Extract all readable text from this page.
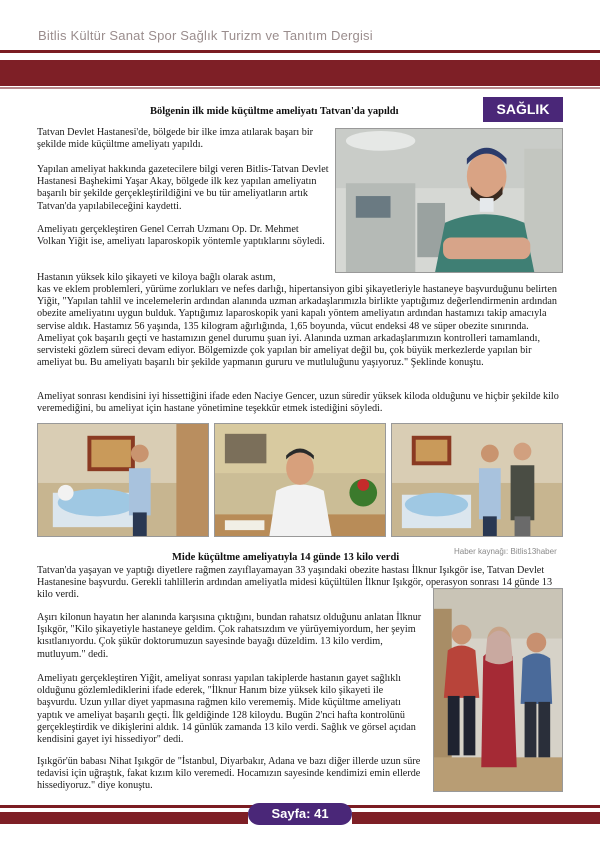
Bitlis Kültür Sanat Spor Sağlık Turizm ve Tanıtım Dergisi
SAĞLIK
Bölgenin ilk mide küçültme ameliyatı Tatvan'da yapıldı
Tatvan Devlet Hastanesi'de, bölgede bir ilke imza atılarak başarı bir şekilde mide küçültme ameliyatı yapıldı.
Yapılan ameliyat hakkında gazetecilere bilgi veren Bitlis-Tatvan Devlet Hastanesi Başhekimi Yaşar Akay, bölgede ilk kez yapılan ameliyatın başarılı bir şekilde gerçekleştirildiğini ve bu tür ameliyatların artık Tatvan'da yapılabileceğini kaydetti.
Ameliyatı gerçekleştiren Genel Cerrah Uzmanı Op. Dr. Mehmet Volkan Yiğit ise, ameliyatı laparoskopik yöntemle yaptıklarını söyledi.
Hastanın yüksek kilo şikayeti ve kiloya bağlı olarak astım,
kas ve eklem problemleri, yürüme zorlukları ve nefes darlığı, hipertansiyon gibi şikayetleriyle hastaneye başvurduğunu belirten Yiğit, "Yapılan tahlil ve incelemelerin ardından alanında uzman arkadaşlarımızla birlikte yaptığımız değerlendirmenin ardından obezite ameliyatını uygun bulduk. Yaptığımız laparoskopik yani kapalı yöntem ameliyatın ardından hastamızı takip amacıyla servise aldık. Hastamız 56 yaşında, 135 kilogram ağırlığında, 1,65 boyunda, vücut endeksi 48 ve süper obezite sınırında. Ameliyat çok başarılı geçti ve hastamızın genel durumu şuan iyi. Alanında uzman arkadaşlarımızın kontrolleri tamamlandı, servisteki gözlem süreci devam ediyor. Bölgemizde çok yapılan bir ameliyat değil bu, çok büyük merkezlerde yapılan bir ameliyat bu. Bu ameliyatı başarılı bir şekilde yapmanın gururu ve mutluluğunu yaşıyoruz." Şeklinde konuştu.
Ameliyat sonrası kendisini iyi hissettiğini ifade eden Naciye Gencer, uzun süredir yüksek kiloda olduğunu ve hiçbir şekilde kilo veremediğini, bu ameliyat için hastane yönetimine teşekkür etmek istediğini söyledi.
Haber kaynağı: Bitlis13haber
Mide küçültme ameliyatıyla 14 günde 13 kilo verdi
Tatvan'da yaşayan ve yaptığı diyetlere rağmen zayıflayamayan 33 yaşındaki obezite hastası İlknur Işıkgör ise, Tatvan Devlet Hastanesine başvurdu. Gerekli tahlillerin ardından ameliyatla midesi küçültülen İlknur Işıkgör, operasyon sonrası 14 günde 13 kilo verdi.
Aşırı kilonun hayatın her alanında karşısına çıktığını, bundan rahatsız olduğunu anlatan İlknur Işıkgör, "Kilo şikayetiyle hastaneye geldim. Çok rahatsızdım ve yürüyemiyordum, her şeyim kısıtlanıyordu. Çok şükür doktorumuzun sayesinde bayağı düzeldim. 13 kilo verdim, mutluyum." dedi.
Ameliyatı gerçekleştiren Yiğit, ameliyat sonrası yapılan takiplerde hastanın gayet sağlıklı olduğunu gözlemlediklerini ifade ederek, "İlknur Hanım bize yüksek kilo şikayeti ile başvurdu. Uzun yıllar diyet yapmasına rağmen kilo verememiş. Mide küçültme ameliyatı yaptık ve ameliyat başarılı geçti. İlk geldiğinde 128 kiloydu. Bugün 2'nci hafta kontrolünü gerçekleştirdik ve dikişlerini aldık. 14 günlük zamanda 13 kilo verdi. Sağlık ve görsel açıdan kendisini gayet iyi hissediyor" dedi.
Işıkgör'ün babası Nihat Işıkgör de "İstanbul, Diyarbakır, Adana ve bazı diğer illerde uzun süre tedavisi için uğraştık, fakat kızım kilo veremedi. Hocamızın sayesinde kendimizi emin ellerde hissediyoruz." diye konuştu.
Sayfa: 41
